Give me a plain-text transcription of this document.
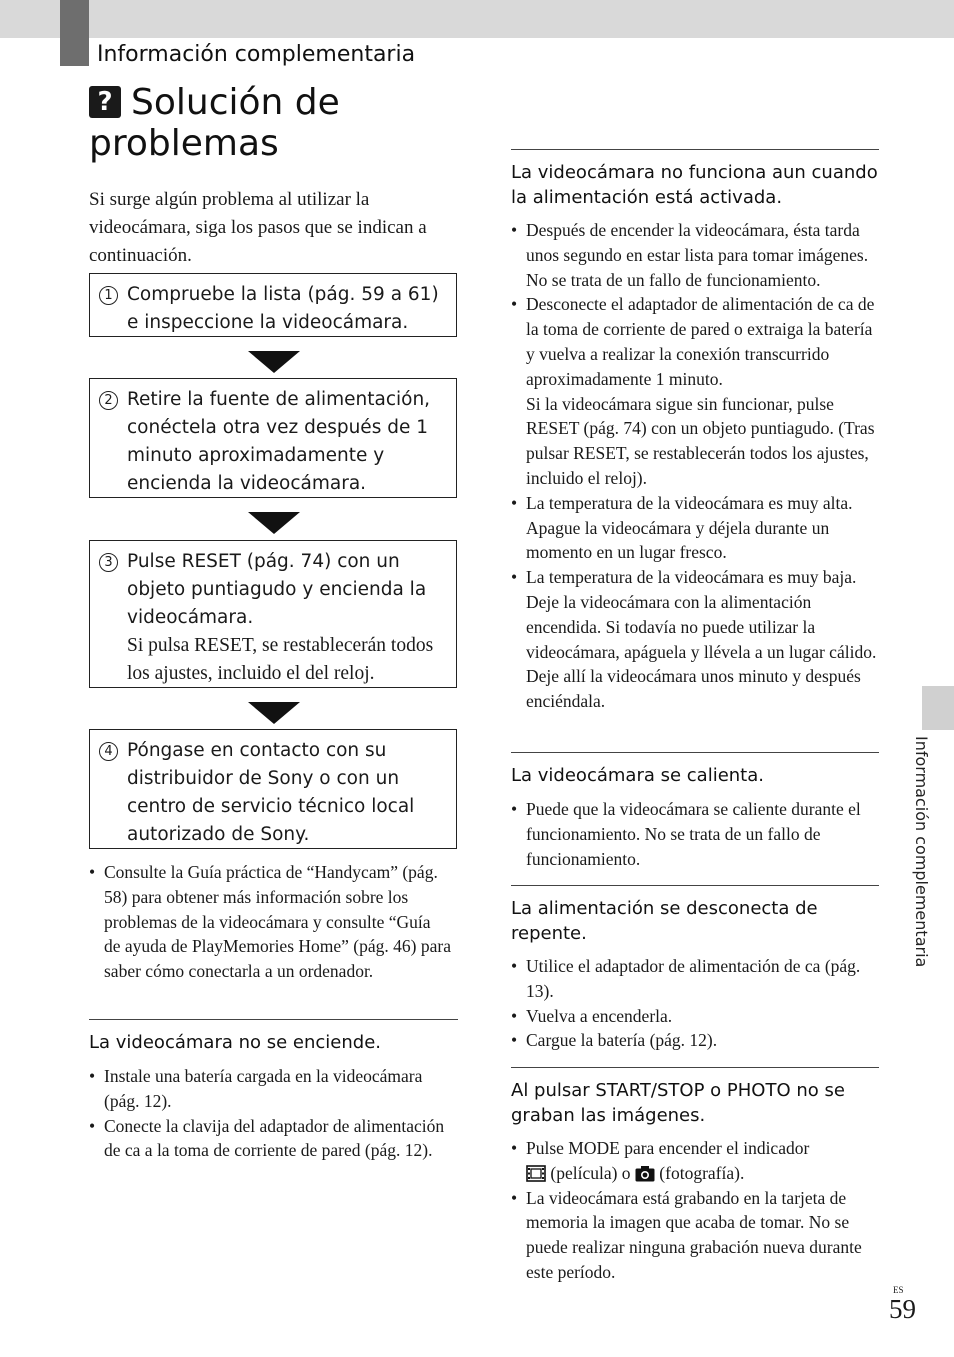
Información complementaria
? Solución de problemas
Si surge algún problema al utilizar la videocámara, siga los pasos que se indican a continuación.
1 Compruebe la lista (pág. 59 a 61) e inspeccione la videocámara.
2 Retire la fuente de alimentación, conéctela otra vez después de 1 minuto aproximadamente y encienda la videocámara.
3 Pulse RESET (pág. 74) con un objeto puntiagudo y encienda la videocámara.
Si pulsa RESET, se restablecerán todos los ajustes, incluido el del reloj.
4 Póngase en contacto con su distribuidor de Sony o con un centro de servicio técnico local autorizado de Sony.
• Consulte la Guía práctica de “Handycam” (pág. 58) para obtener más información sobre los problemas de la videocámara y consulte “Guía de ayuda de PlayMemories Home” (pág. 46) para saber cómo conectarla a un ordenador.
La videocámara no se enciende.
• Instale una batería cargada en la videocámara (pág. 12).
• Conecte la clavija del adaptador de alimentación de ca a la toma de corriente de pared (pág. 12).
La videocámara no funciona aun cuando la alimentación está activada.
• Después de encender la videocámara, ésta tarda unos segundo en estar lista para tomar imágenes. No se trata de un fallo de funcionamiento.
• Desconecte el adaptador de alimentación de ca de la toma de corriente de pared o extraiga la batería y vuelva a realizar la conexión transcurrido aproximadamente 1 minuto.
Si la videocámara sigue sin funcionar, pulse RESET (pág. 74) con un objeto puntiagudo. (Tras pulsar RESET, se restablecerán todos los ajustes, incluido el reloj).
• La temperatura de la videocámara es muy alta. Apague la videocámara y déjela durante un momento en un lugar fresco.
• La temperatura de la videocámara es muy baja. Deje la videocámara con la alimentación encendida. Si todavía no puede utilizar la videocámara, apáguela y llévela a un lugar cálido. Deje allí la videocámara unos minuto y después enciéndala.
La videocámara se calienta.
• Puede que la videocámara se caliente durante el funcionamiento. No se trata de un fallo de funcionamiento.
La alimentación se desconecta de repente.
• Utilice el adaptador de alimentación de ca (pág. 13).
• Vuelva a encenderla.
• Cargue la batería (pág. 12).
Al pulsar START/STOP o PHOTO no se graban las imágenes.
• Pulse MODE para encender el indicador
(película) o (fotografía).
• La videocámara está grabando en la tarjeta de memoria la imagen que acaba de tomar. No se puede realizar ninguna grabación nueva durante este período.
Información complementaria
ES
59
